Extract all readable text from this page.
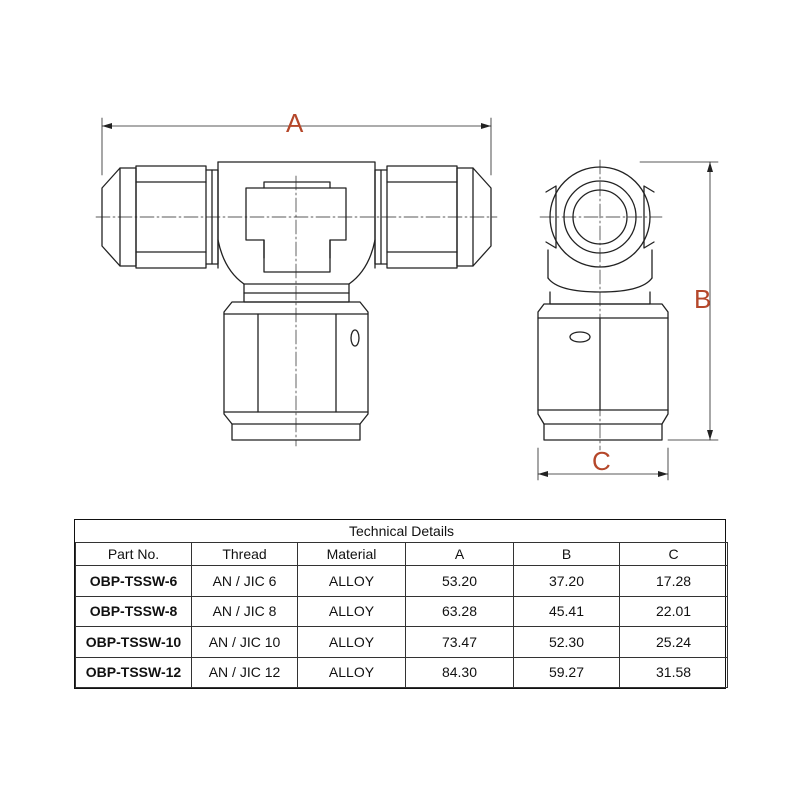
A
B
C
Technical Details					
Part No.	Thread	Material	A	B	C
OBP-TSSW-6	AN / JIC 6	ALLOY	53.20	37.20	17.28
OBP-TSSW-8	AN / JIC 8	ALLOY	63.28	45.41	22.01
OBP-TSSW-10	AN / JIC 10	ALLOY	73.47	52.30	25.24
OBP-TSSW-12	AN / JIC 12	ALLOY	84.30	59.27	31.58
